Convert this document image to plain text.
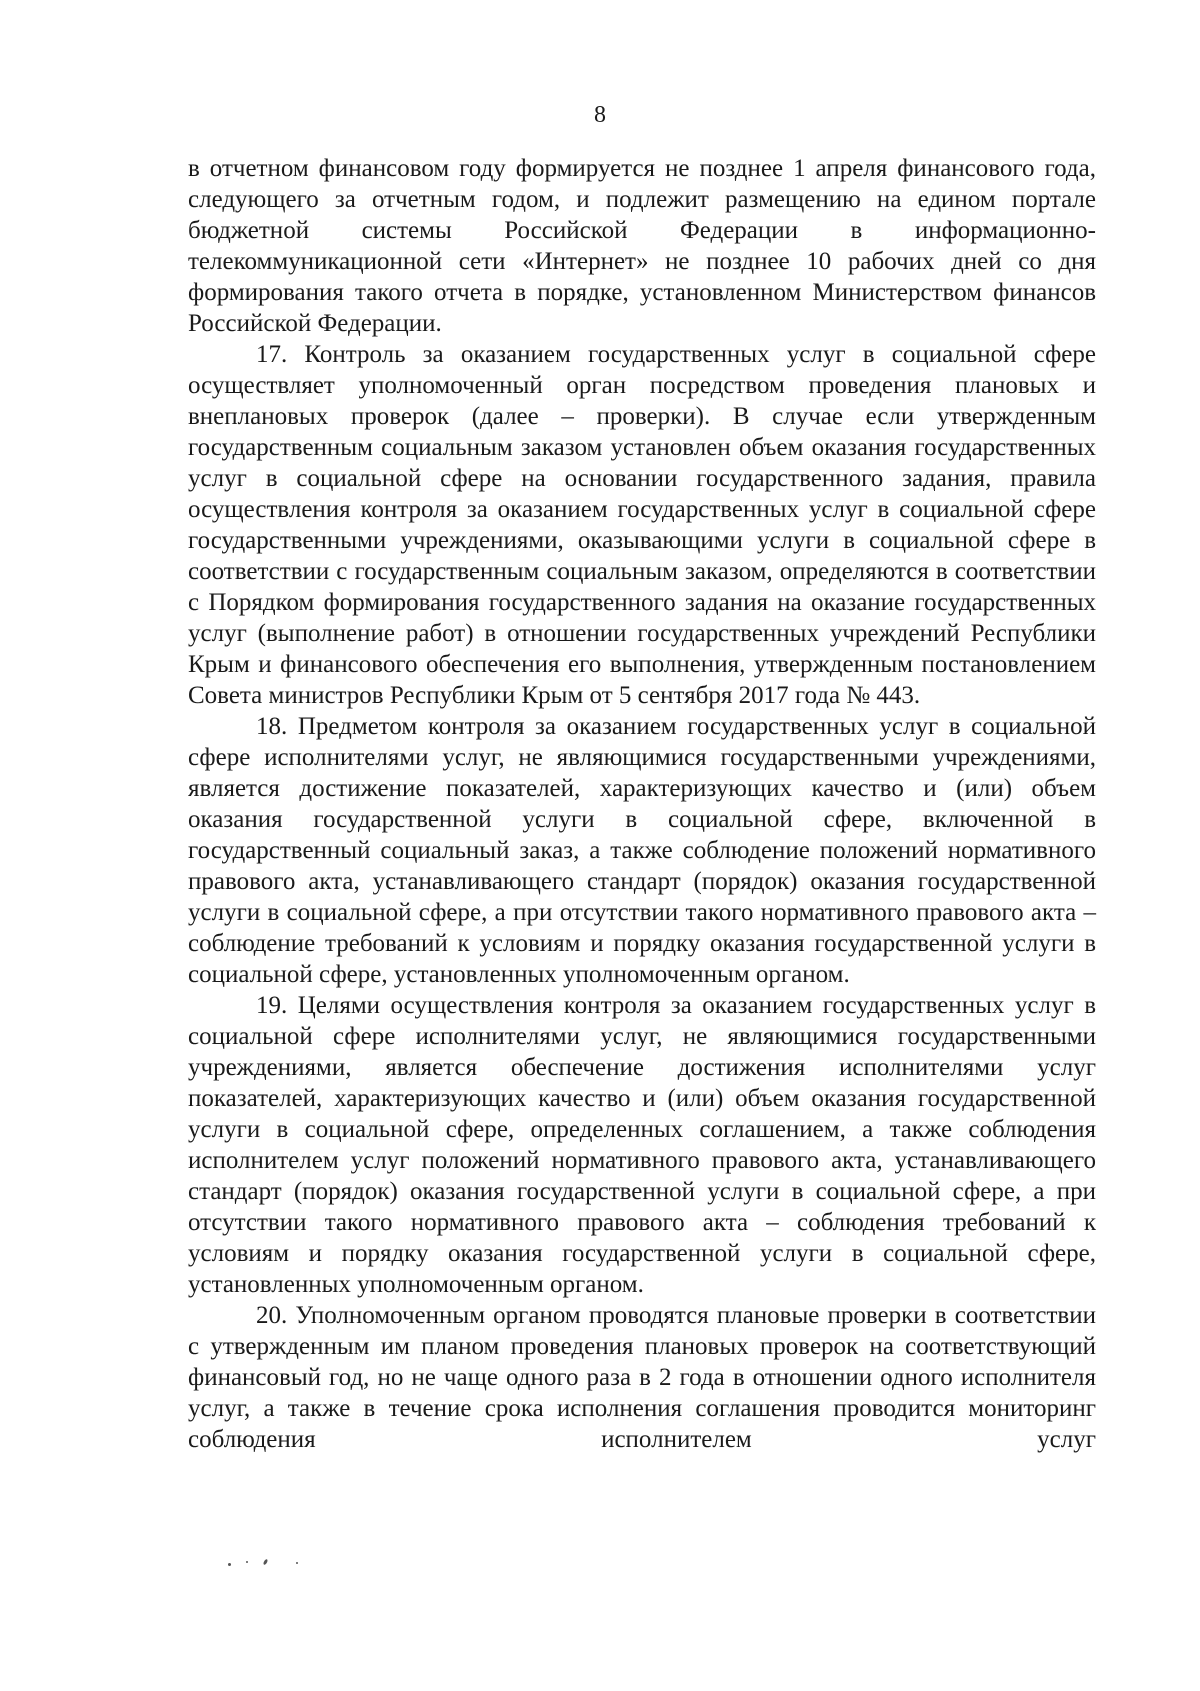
8

в отчетном финансовом году формируется не позднее 1 апреля финансового года, следующего за отчетным годом, и подлежит размещению на едином портале бюджетной системы Российской Федерации в информационно-телекоммуникационной сети «Интернет» не позднее 10 рабочих дней со дня формирования такого отчета в порядке, установленном Министерством финансов Российской Федерации.

17. Контроль за оказанием государственных услуг в социальной сфере осуществляет уполномоченный орган посредством проведения плановых и внеплановых проверок (далее – проверки). В случае если утвержденным государственным социальным заказом установлен объем оказания государственных услуг в социальной сфере на основании государственного задания, правила осуществления контроля за оказанием государственных услуг в социальной сфере государственными учреждениями, оказывающими услуги в социальной сфере в соответствии с государственным социальным заказом, определяются в соответствии с Порядком формирования государственного задания на оказание государственных услуг (выполнение работ) в отношении государственных учреждений Республики Крым и финансового обеспечения его выполнения, утвержденным постановлением Совета министров Республики Крым от 5 сентября 2017 года № 443.

18. Предметом контроля за оказанием государственных услуг в социальной сфере исполнителями услуг, не являющимися государственными учреждениями, является достижение показателей, характеризующих качество и (или) объем оказания государственной услуги в социальной сфере, включенной в государственный социальный заказ, а также соблюдение положений нормативного правового акта, устанавливающего стандарт (порядок) оказания государственной услуги в социальной сфере, а при отсутствии такого нормативного правового акта – соблюдение требований к условиям и порядку оказания государственной услуги в социальной сфере, установленных уполномоченным органом.

19. Целями осуществления контроля за оказанием государственных услуг в социальной сфере исполнителями услуг, не являющимися государственными учреждениями, является обеспечение достижения исполнителями услуг показателей, характеризующих качество и (или) объем оказания государственной услуги в социальной сфере, определенных соглашением, а также соблюдения исполнителем услуг положений нормативного правового акта, устанавливающего стандарт (порядок) оказания государственной услуги в социальной сфере, а при отсутствии такого нормативного правового акта – соблюдения требований к условиям и порядку оказания государственной услуги в социальной сфере, установленных уполномоченным органом.

20. Уполномоченным органом проводятся плановые проверки в соответствии с утвержденным им планом проведения плановых проверок на соответствующий финансовый год, но не чаще одного раза в 2 года в отношении одного исполнителя услуг, а также в течение срока исполнения соглашения проводится мониторинг соблюдения исполнителем услуг
